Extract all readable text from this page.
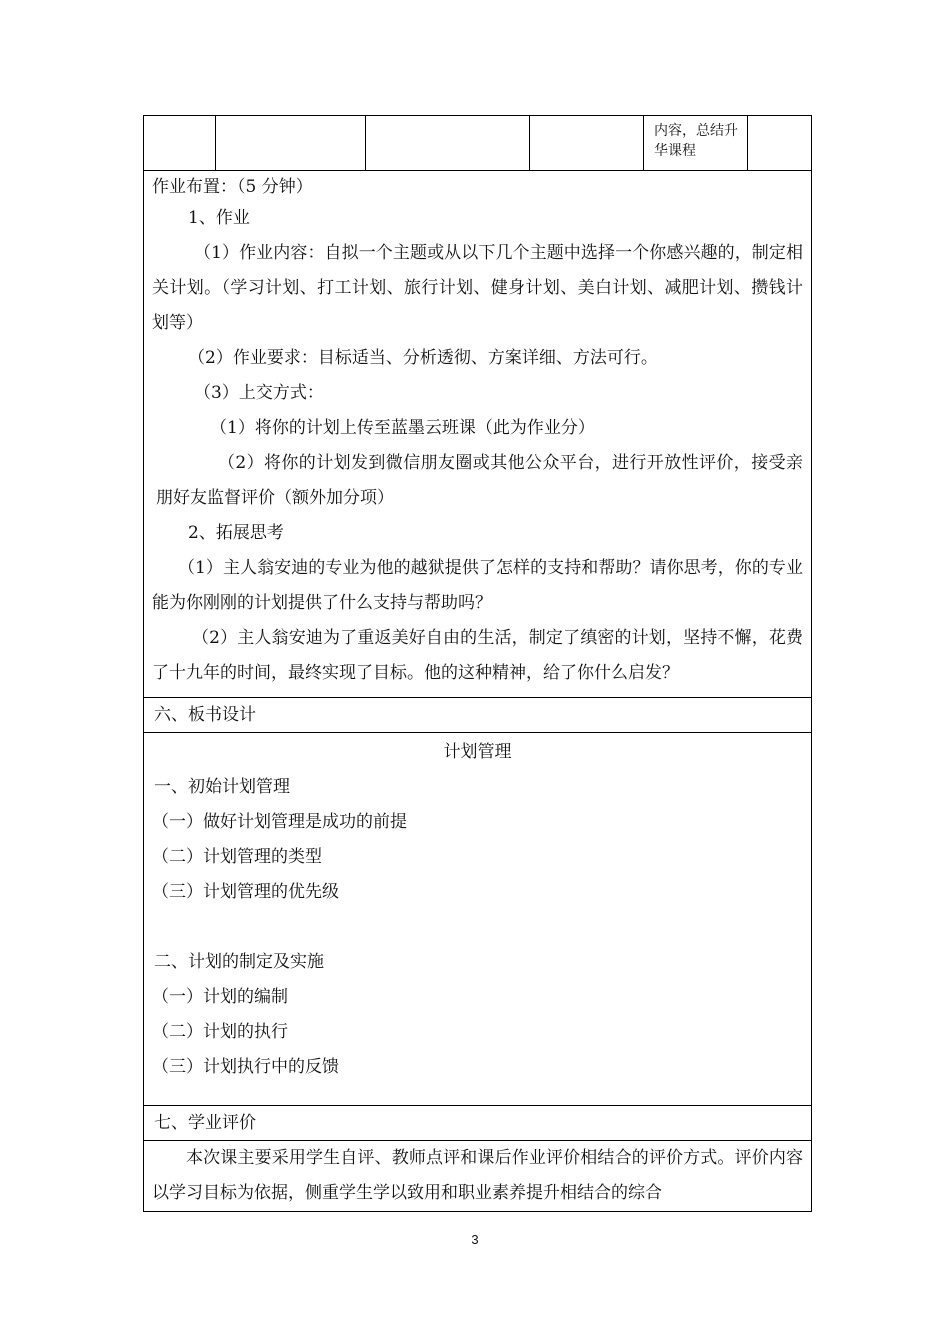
				内容，总结升华课程	

作业布置：（5 分钟）

1、作业

（1）作业内容：自拟一个主题或从以下几个主题中选择一个你感兴趣的，制定相关计划。（学习计划、打工计划、旅行计划、健身计划、美白计划、减肥计划、攒钱计划等）

（2）作业要求：目标适当、分析透彻、方案详细、方法可行。

（3）上交方式：

（1）将你的计划上传至蓝墨云班课（此为作业分）

（2）将你的计划发到微信朋友圈或其他公众平台，进行开放性评价，接受亲朋好友监督评价（额外加分项）

2、拓展思考

（1）主人翁安迪的专业为他的越狱提供了怎样的支持和帮助？请你思考，你的专业能为你刚刚的计划提供了什么支持与帮助吗？

（2）主人翁安迪为了重返美好自由的生活，制定了缜密的计划，坚持不懈，花费了十九年的时间，最终实现了目标。他的这种精神，给了你什么启发？

六、板书设计

计划管理

一、初始计划管理

（一）做好计划管理是成功的前提

（二）计划管理的类型

（三）计划管理的优先级

二、计划的制定及实施

（一）计划的编制

（二）计划的执行

（三）计划执行中的反馈

七、学业评价

本次课主要采用学生自评、教师点评和课后作业评价相结合的评价方式。评价内容以学习目标为依据，侧重学生学以致用和职业素养提升相结合的综合

3
